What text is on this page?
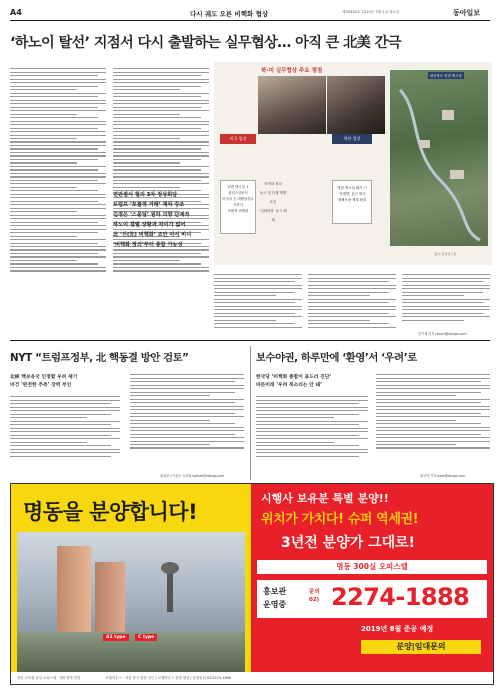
A4	다시 궤도 오른 비핵화 협상	제30450호 2019년 7월 2일 화요일	동아일보
‘하노이 탈선’ 지점서 다시 출발하는 실무협상… 아직 큰 北美 간극
연판점서 협의 3차 정상회담
트럼프 ‘포괄적 거래’ 재차 강조
김정은 ‘스몰딜’ 원하 의향 단계적
하노이 결렬 상황과 차이가 없어
北 ‘선(先) 비핵화’ 조만 아서 비닉
‘비핵화 정의’부터 종합 가능성
북-미 실무협상 주요 쟁점
미국 입장
영변 핵시설 +
플러스알파식
미사일 등 대량살상무기까지
포괄적 비핵화
비핵화 정의
‘동시 및 단계 병행’ 조건
‘일괄타결’ 동시 해제
북한 입장
영변 핵시설 폐기 시
‘단계별’ 접근 방식
체제보장·제재 완화
평안북도 영변 핵시설
출처: 통일연구원
한기재 기자 record@donga.com
NYT “트럼프정부, 北 핵동결 방안 검토”
北核 핵보유국 인정할 우려 제기
비건 ‘완전한 추측’ 강력 부인
워싱턴=이정은 특파원 lightee@donga.com
보수야권, 하루만에 ‘환영’서 ‘우려’로
한국당 ‘비핵화 종합이 표드러 진단’
바른미래 ‘우려 북소리는 안 돼’
최고야 기자 best@donga.com
명동을 분양합니다!
A1 type	C type
시행사 보유분 특별 분양!!
위치가 가치다! 슈퍼 역세권!
3년전 분양가 그대로!
명동 300실 오피스텔
홍보관
운영중
문의
02) 2274-1888
2019년 8월 준공 예정
분양|임대문의
명동 도보권 유일 오피스텔 · 명동전역 연결	모델하우스 : 서울 중구 명동 인근 / 모델하우스 현장 방문 / 분양문의 02)2274-1888
